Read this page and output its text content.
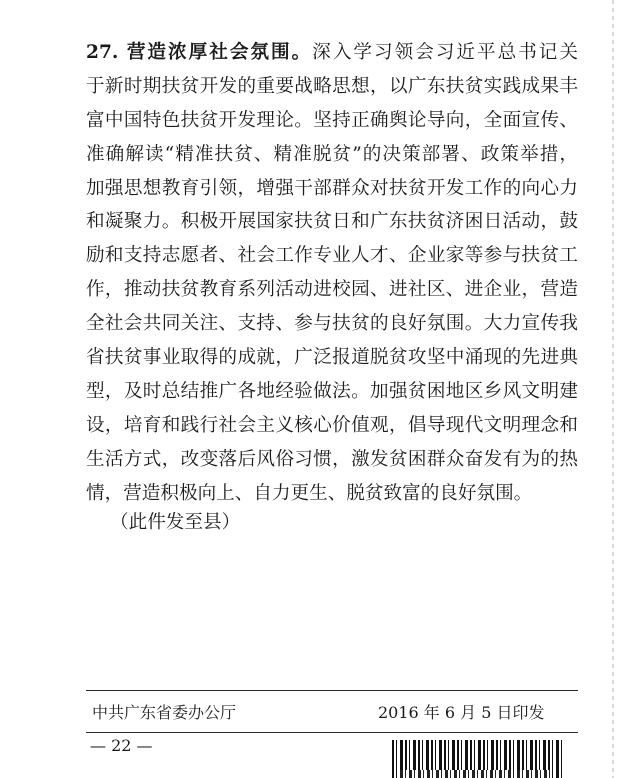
27. 营造浓厚社会氛围。深入学习领会习近平总书记关
于新时期扶贫开发的重要战略思想，以广东扶贫实践成果丰
富中国特色扶贫开发理论。坚持正确舆论导向，全面宣传、
准确解读“精准扶贫、精准脱贫”的决策部署、政策举措，
加强思想教育引领，增强干部群众对扶贫开发工作的向心力
和凝聚力。积极开展国家扶贫日和广东扶贫济困日活动，鼓
励和支持志愿者、社会工作专业人才、企业家等参与扶贫工
作，推动扶贫教育系列活动进校园、进社区、进企业，营造
全社会共同关注、支持、参与扶贫的良好氛围。大力宣传我
省扶贫事业取得的成就，广泛报道脱贫攻坚中涌现的先进典
型，及时总结推广各地经验做法。加强贫困地区乡风文明建
设，培育和践行社会主义核心价值观，倡导现代文明理念和
生活方式，改变落后风俗习惯，激发贫困群众奋发有为的热
情，营造积极向上、自力更生、脱贫致富的良好氛围。
（此件发至县）
中共广东省委办公厅	2016 年 6 月 5 日印发
— 22 —
